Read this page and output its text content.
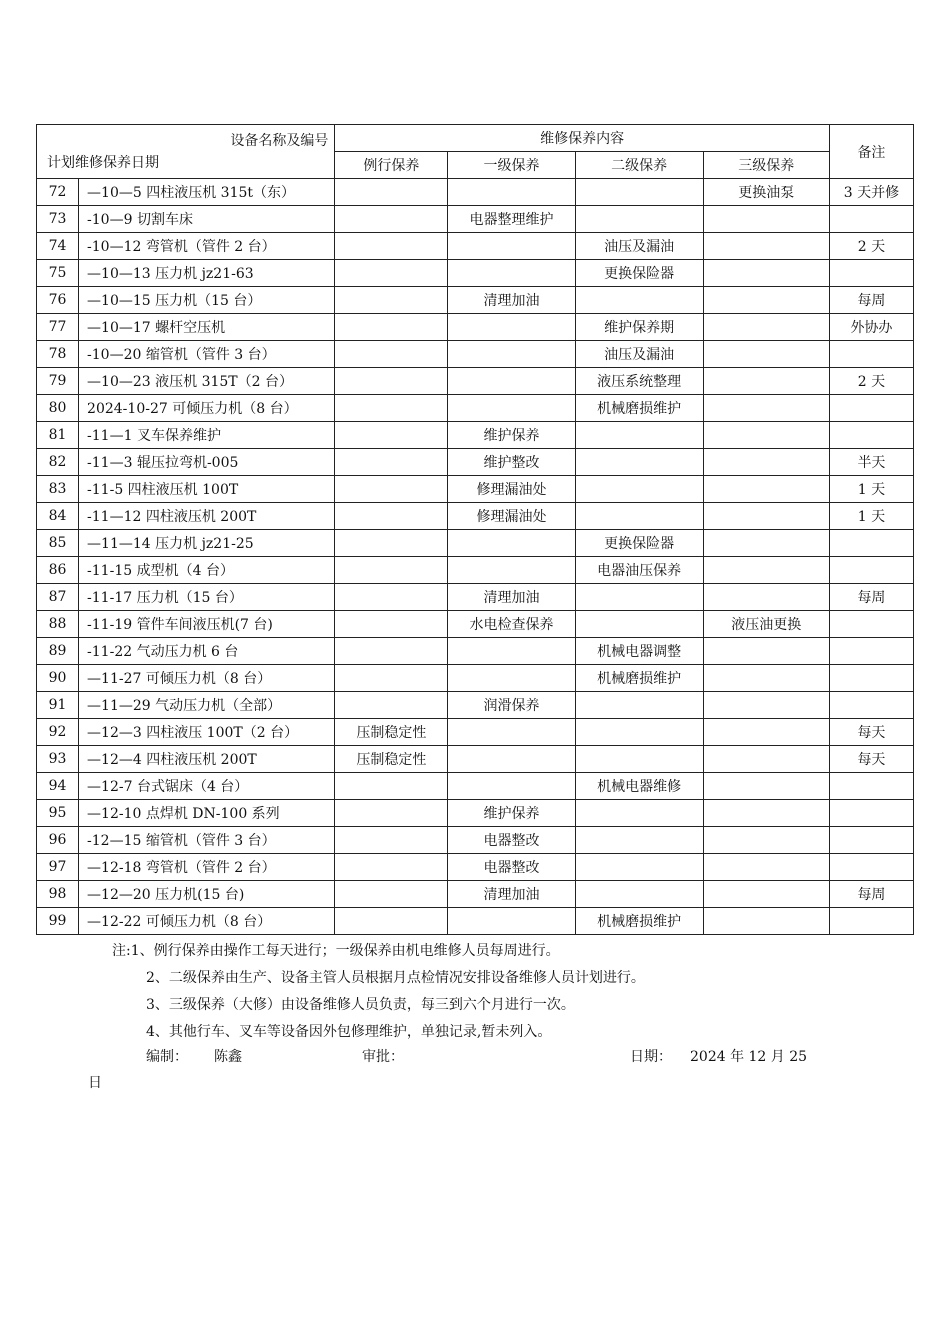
设备名称及编号
计划维修保养日期		维修保养内容				备注
		例行保养	一级保养	二级保养	三级保养	

72	—10—5 四柱液压机 315t（东）				更换油泵	3 天并修
73	-10—9 切割车床		电器整理维护			
74	-10—12 弯管机（管件 2 台）			油压及漏油		2 天
75	—10—13 压力机 jz21-63			更换保险器		
76	—10—15 压力机（15 台）		清理加油			每周
77	—10—17 螺杆空压机			维护保养期		外协办
78	-10—20 缩管机（管件 3 台）			油压及漏油		
79	—10—23 液压机 315T（2 台）			液压系统整理		2 天
80	2024-10-27 可倾压力机（8 台）			机械磨损维护		
81	-11—1 叉车保养维护		维护保养			
82	-11—3 辊压拉弯机-005		维护整改			半天
83	-11-5 四柱液压机 100T		修理漏油处			1 天
84	-11—12 四柱液压机 200T		修理漏油处			1 天
85	—11—14 压力机 jz21-25			更换保险器		
86	-11-15 成型机（4 台）			电器油压保养		
87	-11-17 压力机（15 台）		清理加油			每周
88	-11-19 管件车间液压机(7 台)		水电检查保养		液压油更换	
89	-11-22 气动压力机 6 台			机械电器调整		
90	—11-27 可倾压力机（8 台）			机械磨损维护		
91	—11—29 气动压力机（全部）		润滑保养			
92	—12—3 四柱液压 100T（2 台）	压制稳定性				每天
93	—12—4 四柱液压机 200T	压制稳定性				每天
94	—12-7 台式锯床（4 台）			机械电器维修		
95	—12-10 点焊机 DN-100 系列		维护保养			
96	-12—15 缩管机（管件 3 台）		电器整改			
97	—12-18 弯管机（管件 2 台）		电器整改			
98	—12—20 压力机(15 台)		清理加油			每周
99	—12-22 可倾压力机（8 台）			机械磨损维护		
注:1、例行保养由操作工每天进行；一级保养由机电维修人员每周进行。
2、二级保养由生产、设备主管人员根据月点检情况安排设备维修人员计划进行。
3、三级保养（大修）由设备维修人员负责，每三到六个月进行一次。
4、其他行车、叉车等设备因外包修理维护，单独记录,暂未列入。
编制： 陈鑫	审批：	日期： 2024 年 12 月 25
日
